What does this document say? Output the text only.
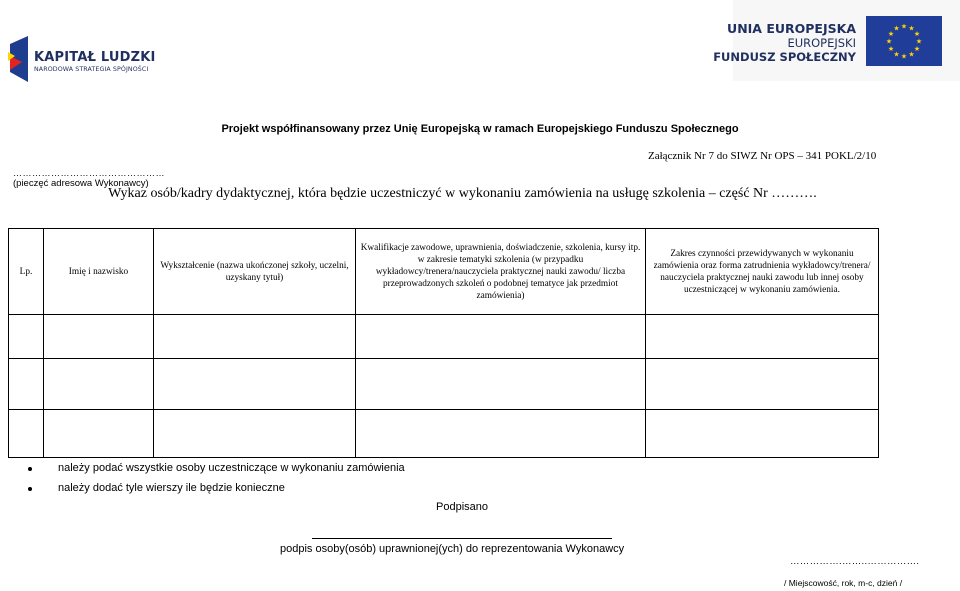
KAPITAŁ LUDZKI
NARODOWA STRATEGIA SPÓJNOŚCI
UNIA EUROPEJSKA
EUROPEJSKI
FUNDUSZ SPOŁECZNY
★
★
★
★
★
★
★
★
★ ★ ★
★
Projekt współfinansowany przez Unię Europejską w ramach Europejskiego Funduszu Społecznego
Załącznik Nr 7 do SIWZ Nr OPS – 341 POKL/2/10
…………………………………………
(pieczęć adresowa Wykonawcy)
Wykaz osób/kadry dydaktycznej, która będzie uczestniczyć w wykonaniu zamówienia na usługę szkolenia – część Nr ……….
Lp.	Imię i nazwisko	Wykształcenie (nazwa ukończonej szkoły, uczelni, uzyskany tytuł)	Kwalifikacje zawodowe, uprawnienia, doświadczenie, szkolenia, kursy itp. w zakresie tematyki szkolenia (w przypadku wykładowcy/trenera/nauczyciela praktycznej nauki zawodu/ liczba przeprowadzonych szkoleń o podobnej tematyce jak przedmiot zamówienia)	Zakres czynności przewidywanych w wykonaniu zamówienia oraz forma zatrudnienia wykładowcy/trenera/ nauczyciela praktycznej nauki zawodu lub innej osoby uczestniczącej w wykonaniu zamówienia.

należy podać wszystkie osoby uczestniczące w wykonaniu zamówienia
należy dodać tyle wierszy ile będzie konieczne
Podpisano
podpis osoby(osób) uprawnionej(ych) do reprezentowania Wykonawcy
…………….……..…………….
/ Miejscowość, rok, m-c, dzień /
